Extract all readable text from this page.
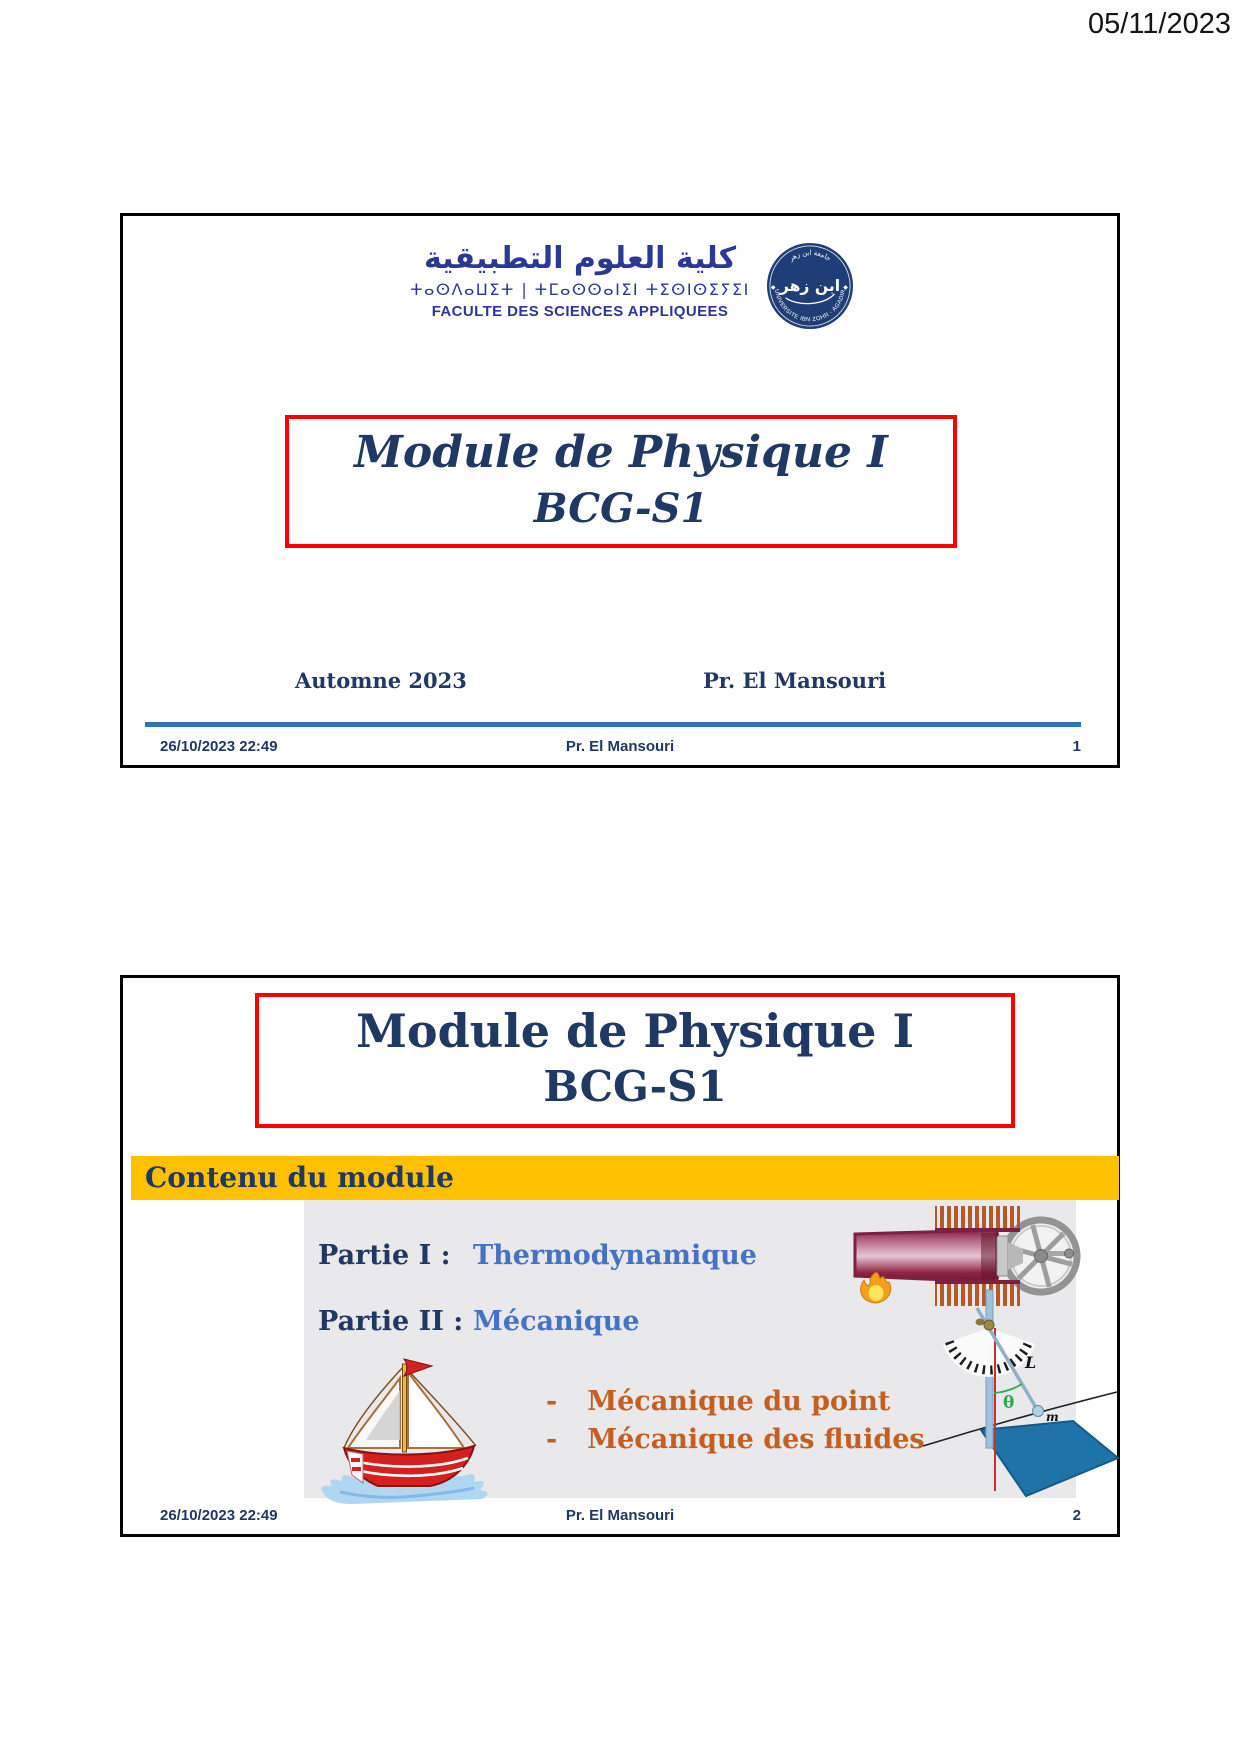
05/11/2023
كلية العلوم التطبيقية
ⵜⴰⵙⴷⴰⵡⵉⵜ | ⵜⵎⴰⵙⵙⴰⵏⵉⵏ ⵜⵉⵙⵏⵙⵉⵢⵉⵏ
FACULTE DES SCIENCES APPLIQUEES
UNIVERSITE IBN ZOHR - AGADIR
جامعة ابن زهر
◆	◆
ابن زهر
Module de Physique I
BCG-S1
Automne 2023	Pr. El Mansouri
26/10/2023 22:49	Pr. El Mansouri	1
Module de Physique I
BCG-S1
Contenu du module
Partie I : Thermodynamique
Partie II : Mécanique
- Mécanique du point
- Mécanique des fluides
L
θ
m
26/10/2023 22:49	Pr. El Mansouri	2
